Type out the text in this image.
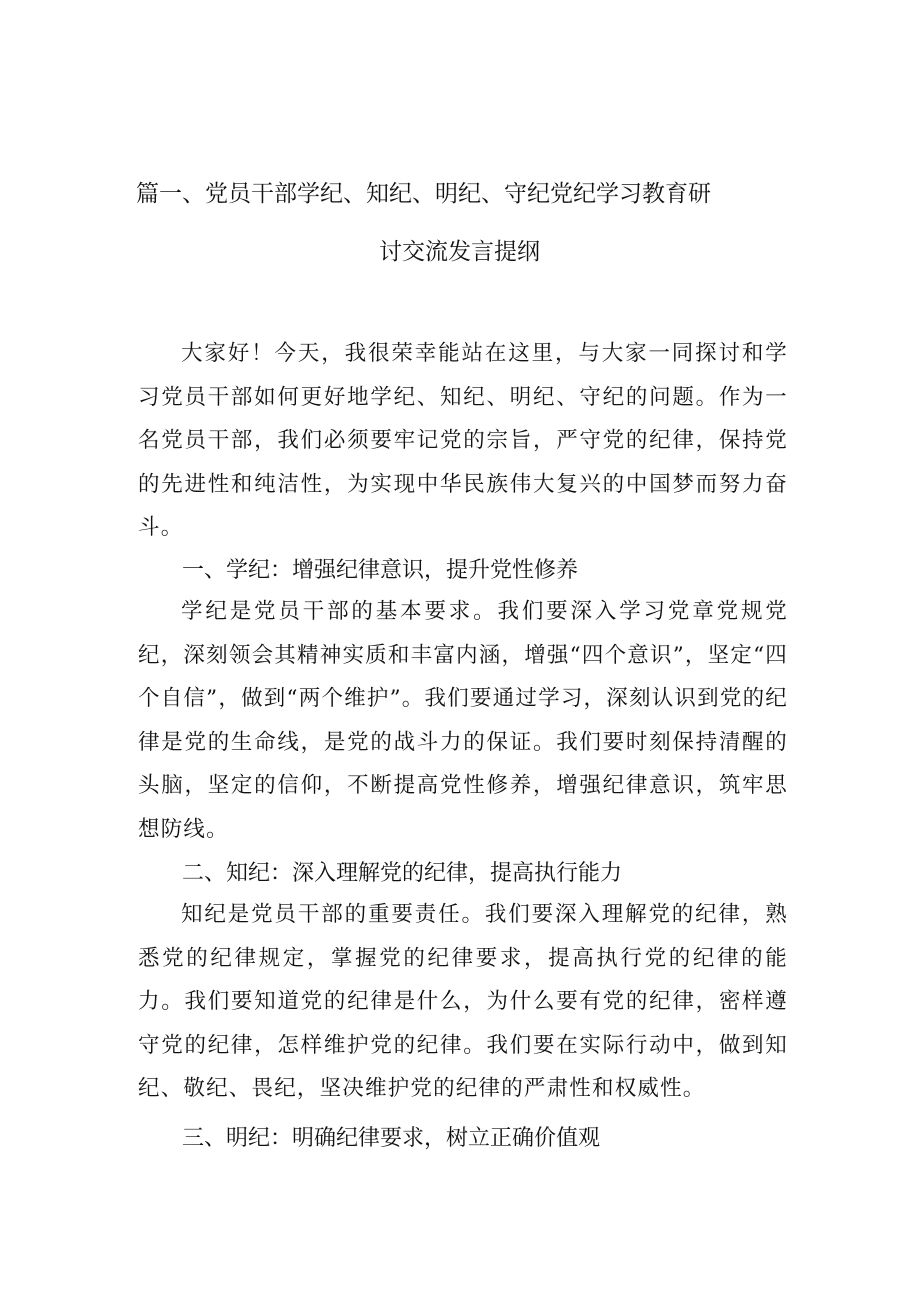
篇一、党员干部学纪、知纪、明纪、守纪党纪学习教育研
讨交流发言提纲

大家好！今天，我很荣幸能站在这里，与大家一同探讨和学习党员干部如何更好地学纪、知纪、明纪、守纪的问题。作为一名党员干部，我们必须要牢记党的宗旨，严守党的纪律，保持党的先进性和纯洁性，为实现中华民族伟大复兴的中国梦而努力奋斗。

一、学纪：增强纪律意识，提升党性修养

学纪是党员干部的基本要求。我们要深入学习党章党规党纪，深刻领会其精神实质和丰富内涵，增强“四个意识”，坚定“四个自信”，做到“两个维护”。我们要通过学习，深刻认识到党的纪律是党的生命线，是党的战斗力的保证。我们要时刻保持清醒的头脑，坚定的信仰，不断提高党性修养，增强纪律意识，筑牢思想防线。

二、知纪：深入理解党的纪律，提高执行能力

知纪是党员干部的重要责任。我们要深入理解党的纪律，熟悉党的纪律规定，掌握党的纪律要求，提高执行党的纪律的能力。我们要知道党的纪律是什么，为什么要有党的纪律，密样遵守党的纪律，怎样维护党的纪律。我们要在实际行动中，做到知纪、敬纪、畏纪，坚决维护党的纪律的严肃性和权威性。

三、明纪：明确纪律要求，树立正确价值观
